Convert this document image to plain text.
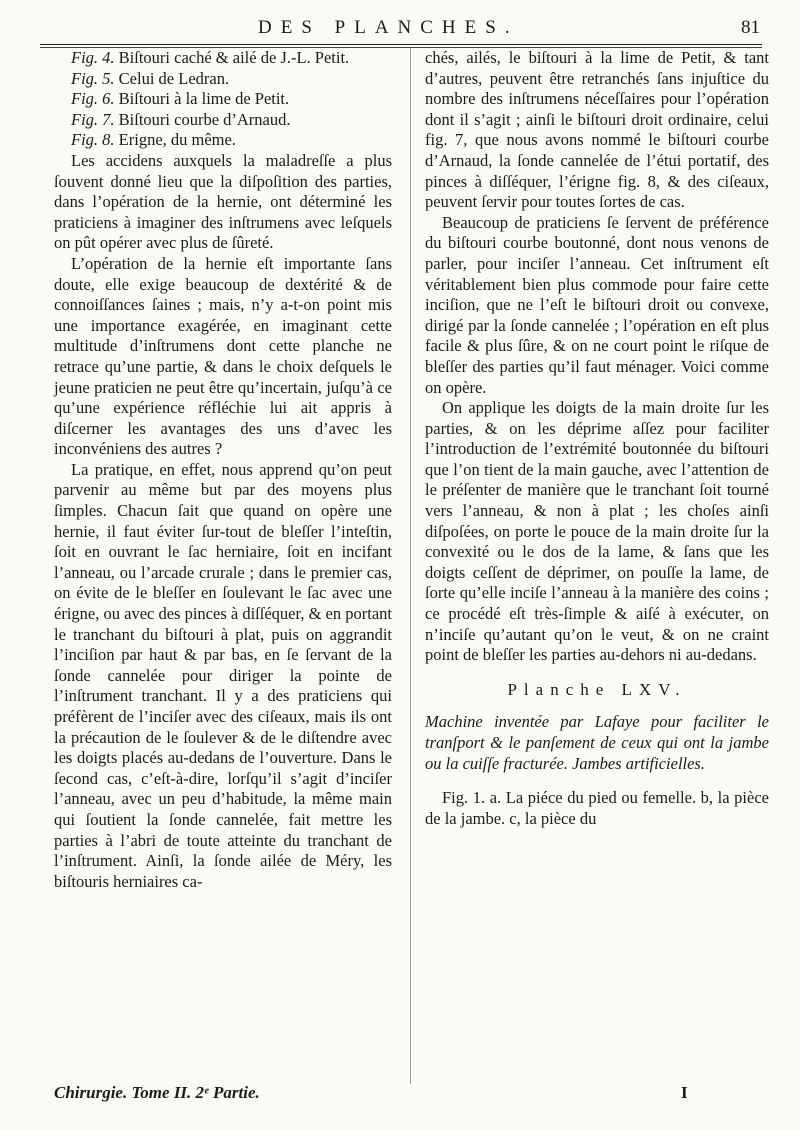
DES PLANCHES.	81

Fig. 4. Biſtouri caché & ailé de J.-L. Petit.

Fig. 5. Celui de Ledran.

Fig. 6. Biſtouri à la lime de Petit.

Fig. 7. Biſtouri courbe d’Arnaud.

Fig. 8. Erigne, du même.

Les accidens auxquels la maladreſſe a plus ſouvent donné lieu que la diſpoſition des parties, dans l’opération de la hernie, ont déterminé les praticiens à imaginer des inſtrumens avec leſquels on pût opérer avec plus de ſûreté.

L’opération de la hernie eſt importante ſans doute, elle exige beaucoup de dextérité & de connoiſſances ſaines ; mais, n’y a-t-on point mis une importance exagérée, en imaginant cette multitude d’inſtrumens dont cette planche ne retrace qu’une partie, & dans le choix deſquels le jeune praticien ne peut être qu’incertain, juſqu’à ce qu’une expérience réfléchie lui ait appris à diſcerner les avantages des uns d’avec les inconvéniens des autres ?

La pratique, en effet, nous apprend qu’on peut parvenir au même but par des moyens plus ſimples. Chacun ſait que quand on opère une hernie, il faut éviter ſur-tout de bleſſer l’inteſtin, ſoit en ouvrant le ſac herniaire, ſoit en incifant l’anneau, ou l’arcade crurale ; dans le premier cas, on évite de le bleſſer en ſoulevant le ſac avec une érigne, ou avec des pinces à diſſéquer, & en portant le tranchant du biſtouri à plat, puis on aggrandit l’inciſion par haut & par bas, en ſe ſervant de la ſonde cannelée pour diriger la pointe de l’inſtrument tranchant. Il y a des praticiens qui préfèrent de l’inciſer avec des ciſeaux, mais ils ont la précaution de le ſoulever & de le diſtendre avec les doigts placés au-dedans de l’ouverture. Dans le ſecond cas, c’eſt-à-dire, lorſqu’il s’agit d’inciſer l’anneau, avec un peu d’habitude, la même main qui ſoutient la ſonde cannelée, fait mettre les parties à l’abri de toute atteinte du tranchant de l’inſtrument. Ainſi, la ſonde ailée de Méry, les biſtouris herniaires ca-

chés, ailés, le biſtouri à la lime de Petit, & tant d’autres, peuvent être retranchés ſans injuſtice du nombre des inſtrumens néceſſaires pour l’opération dont il s’agit ; ainſi le biſtouri droit ordinaire, celui fig. 7, que nous avons nommé le biſtouri courbe d’Arnaud, la ſonde cannelée de l’étui portatif, des pinces à diſſéquer, l’érigne fig. 8, & des ciſeaux, peuvent ſervir pour toutes ſortes de cas.

Beaucoup de praticiens ſe ſervent de préférence du biſtouri courbe boutonné, dont nous venons de parler, pour inciſer l’anneau. Cet inſtrument eſt véritablement bien plus commode pour faire cette inciſion, que ne l’eſt le biſtouri droit ou convexe, dirigé par la ſonde cannelée ; l’opération en eſt plus facile & plus ſûre, & on ne court point le riſque de bleſſer des parties qu’il faut ménager. Voici comme on opère.

On applique les doigts de la main droite ſur les parties, & on les déprime aſſez pour faciliter l’introduction de l’extrémité boutonnée du biſtouri que l’on tient de la main gauche, avec l’attention de le préſenter de manière que le tranchant ſoit tourné vers l’anneau, & non à plat ; les choſes ainſi diſpoſées, on porte le pouce de la main droite ſur la convexité ou le dos de la lame, & ſans que les doigts ceſſent de déprimer, on pouſſe la lame, de ſorte qu’elle inciſe l’anneau à la manière des coins ; ce procédé eſt très-ſimple & aiſé à exécuter, on n’inciſe qu’autant qu’on le veut, & on ne craint point de bleſſer les parties au-dehors ni au-dedans.

Planche LXV.

Machine inventée par Lafaye pour faciliter le tranſport & le panſement de ceux qui ont la jambe ou la cuiſſe fracturée. Jambes artificielles.

Fig. 1. a. La piéce du pied ou femelle. b, la pièce de la jambe. c, la pièce du

Chirurgie. Tome II. 2ᵉ Partie.	I
